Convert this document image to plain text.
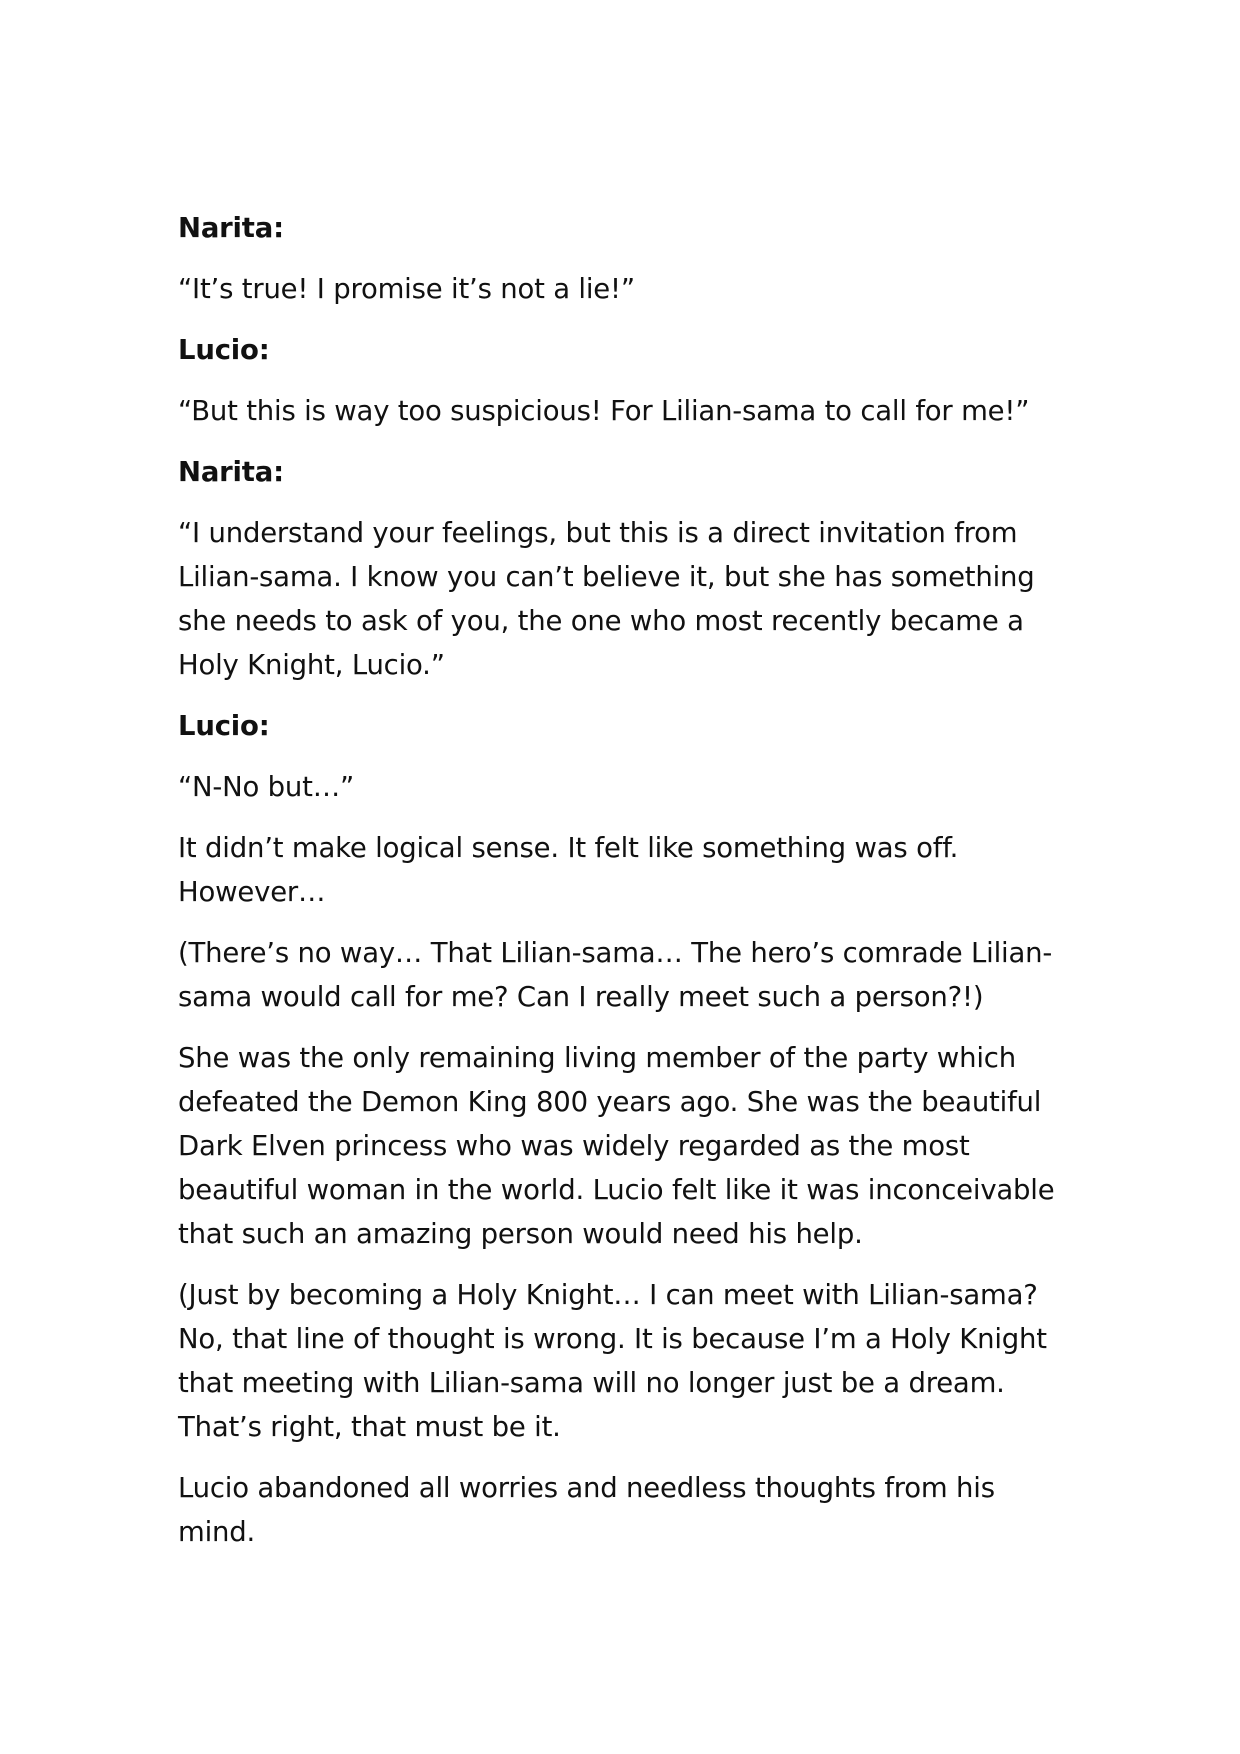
Narita:
“It’s true! I promise it’s not a lie!”
Lucio:
“But this is way too suspicious! For Lilian-sama to call for me!”
Narita:
“I understand your feelings, but this is a direct invitation from
Lilian-sama. I know you can’t believe it, but she has something
she needs to ask of you, the one who most recently became a
Holy Knight, Lucio.”
Lucio:
“N-No but…”
It didn’t make logical sense. It felt like something was off.
However…
(There’s no way… That Lilian-sama… The hero’s comrade Lilian-
sama would call for me? Can I really meet such a person?!)
She was the only remaining living member of the party which
defeated the Demon King 800 years ago. She was the beautiful
Dark Elven princess who was widely regarded as the most
beautiful woman in the world. Lucio felt like it was inconceivable
that such an amazing person would need his help.
(Just by becoming a Holy Knight… I can meet with Lilian-sama?
No, that line of thought is wrong. It is because I’m a Holy Knight
that meeting with Lilian-sama will no longer just be a dream.
That’s right, that must be it.
Lucio abandoned all worries and needless thoughts from his
mind.
